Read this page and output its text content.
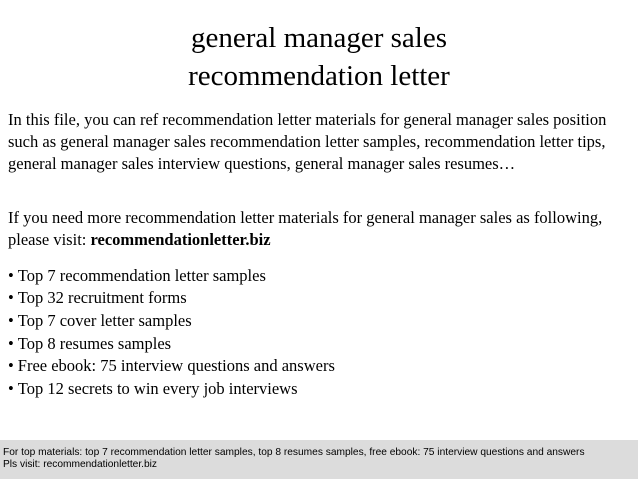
general manager sales
recommendation letter
In this file, you can ref recommendation letter materials for general manager sales position such as general manager sales recommendation letter samples, recommendation letter tips, general manager sales interview questions, general manager sales resumes…
If you need more recommendation letter materials for general manager sales as following, please visit: recommendationletter.biz
• Top 7 recommendation letter samples
• Top 32 recruitment forms
• Top 7 cover letter samples
• Top 8 resumes samples
• Free ebook: 75 interview questions and answers
• Top 12 secrets to win every job interviews
For top materials: top 7 recommendation letter samples, top 8 resumes samples, free ebook: 75 interview questions and answers
Pls visit: recommendationletter.biz
